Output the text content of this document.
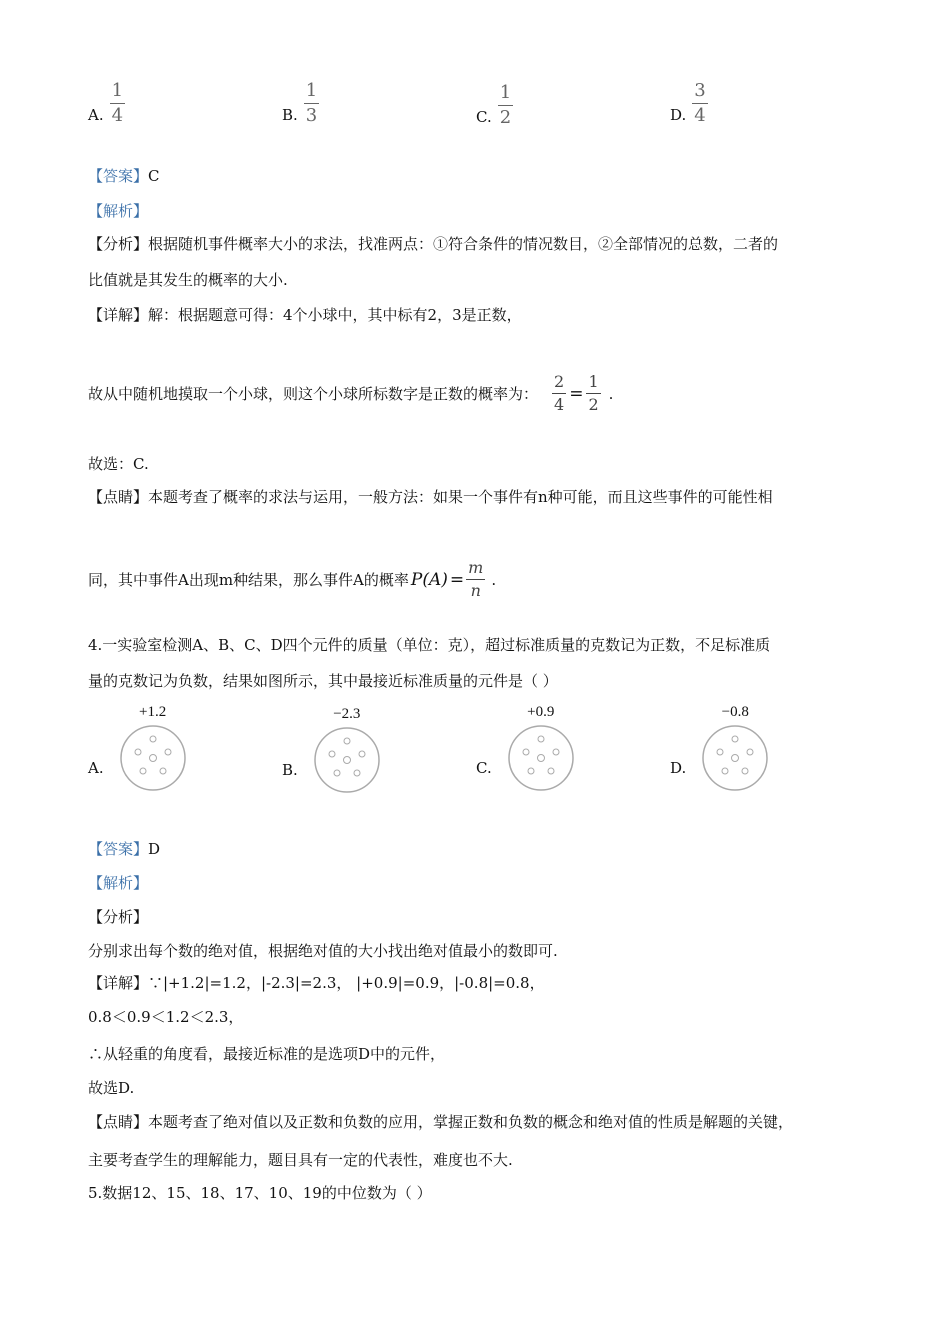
A. $\frac{1}{4}$	B. $\frac{1}{3}$	C. $\frac{1}{2}$	D. $\frac{3}{4}$
【答案】C
【解析】
【分析】根据随机事件概率大小的求法，找准两点：①符合条件的情况数目，②全部情况的总数，二者的
比值就是其发生的概率的大小.
【详解】解：根据题意可得：4个小球中，其中标有2，3是正数，
故从中随机地摸取一个小球，则这个小球所标数字是正数的概率为： $\frac{2}{4} = \frac{1}{2}$ .
故选：C.
【点睛】本题考查了概率的求法与运用，一般方法：如果一个事件有n种可能，而且这些事件的可能性相
同，其中事件A出现m种结果，那么事件A的概率 $P(A) = \frac{m}{n}$ .
4.一实验室检测A、B、C、D四个元件的质量（单位：克），超过标准质量的克数记为正数，不足标准质
量的克数记为负数，结果如图所示，其中最接近标准质量的元件是（ ）
A.
+1.2
B.
−2.3
C.
+0.9
D.
−0.8
【答案】D
【解析】
【分析】
分别求出每个数的绝对值，根据绝对值的大小找出绝对值最小的数即可.
【详解】∵|+1.2|=1.2，|-2.3|=2.3， |+0.9|=0.9，|-0.8|=0.8，
0.8＜0.9＜1.2＜2.3，
∴从轻重的角度看，最接近标准的是选项D中的元件，
故选D.
【点睛】本题考查了绝对值以及正数和负数的应用，掌握正数和负数的概念和绝对值的性质是解题的关键，
主要考查学生的理解能力，题目具有一定的代表性，难度也不大.
5.数据12、15、18、17、10、19的中位数为（ ）
